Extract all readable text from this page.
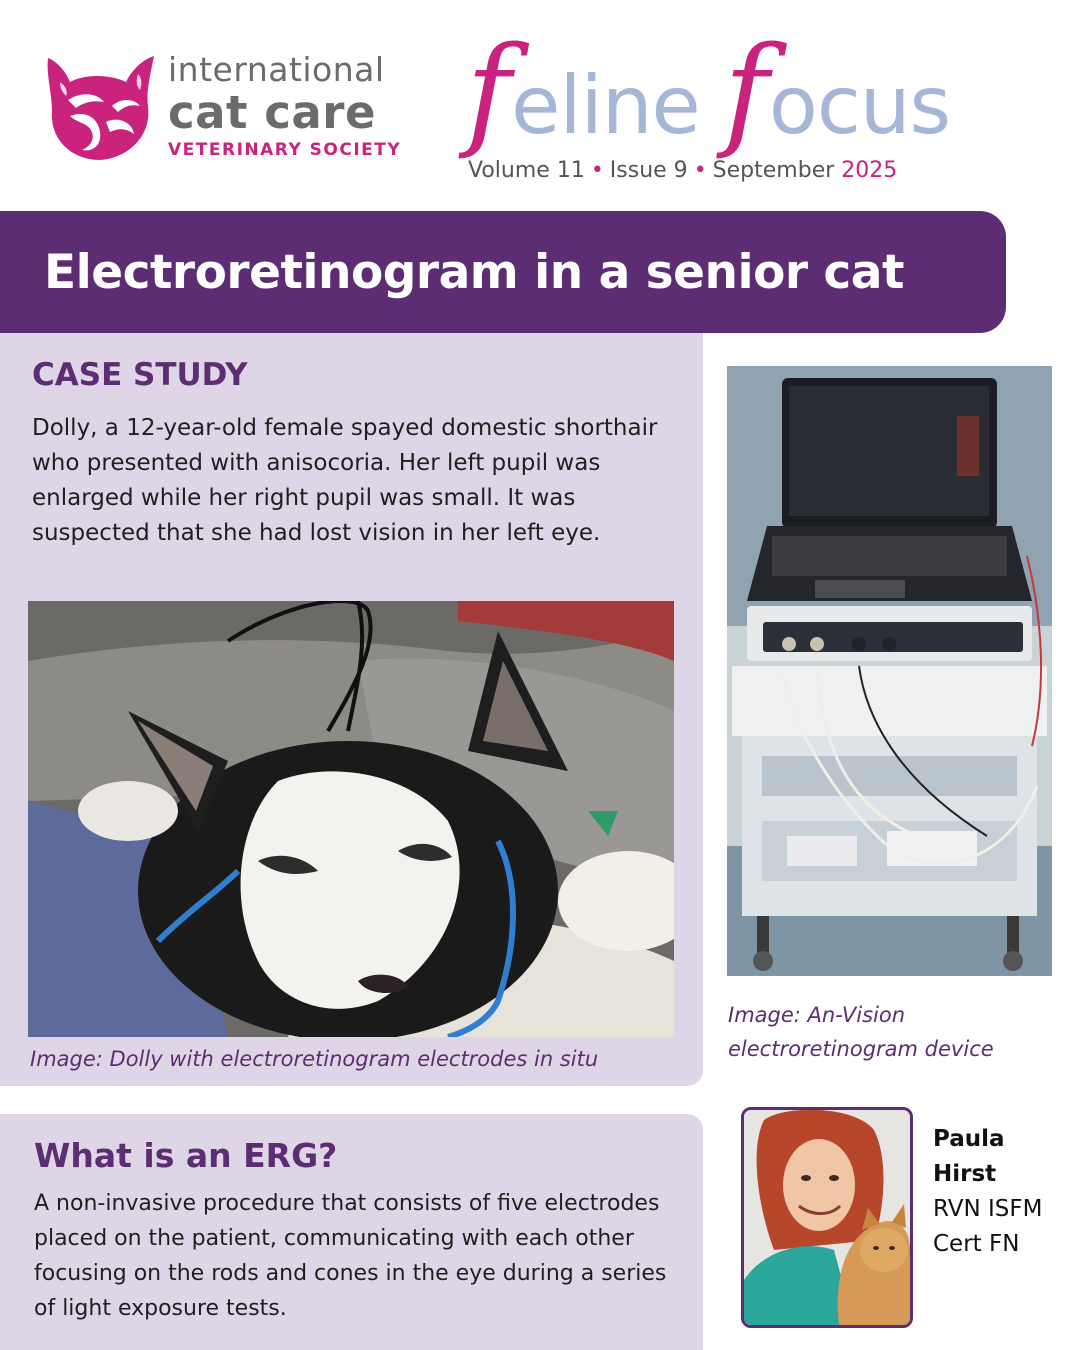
international
cat care
VETERINARY SOCIETY f eline f ocus
Volume 11 • Issue 9 • September 2025
Electroretinogram in a senior cat
CASE STUDY
Dolly, a 12-year-old female spayed domestic shorthair who presented with anisocoria. Her left pupil was enlarged while her right pupil was small. It was suspected that she had lost vision in her left eye.
Image: Dolly with electroretinogram electrodes in situ
Image: An-Vision electroretinogram device
What is an ERG?
A non-invasive procedure that consists of five electrodes placed on the patient, communicating with each other focusing on the rods and cones in the eye during a series of light exposure tests.
Paula Hirst
RVN ISFM Cert FN
